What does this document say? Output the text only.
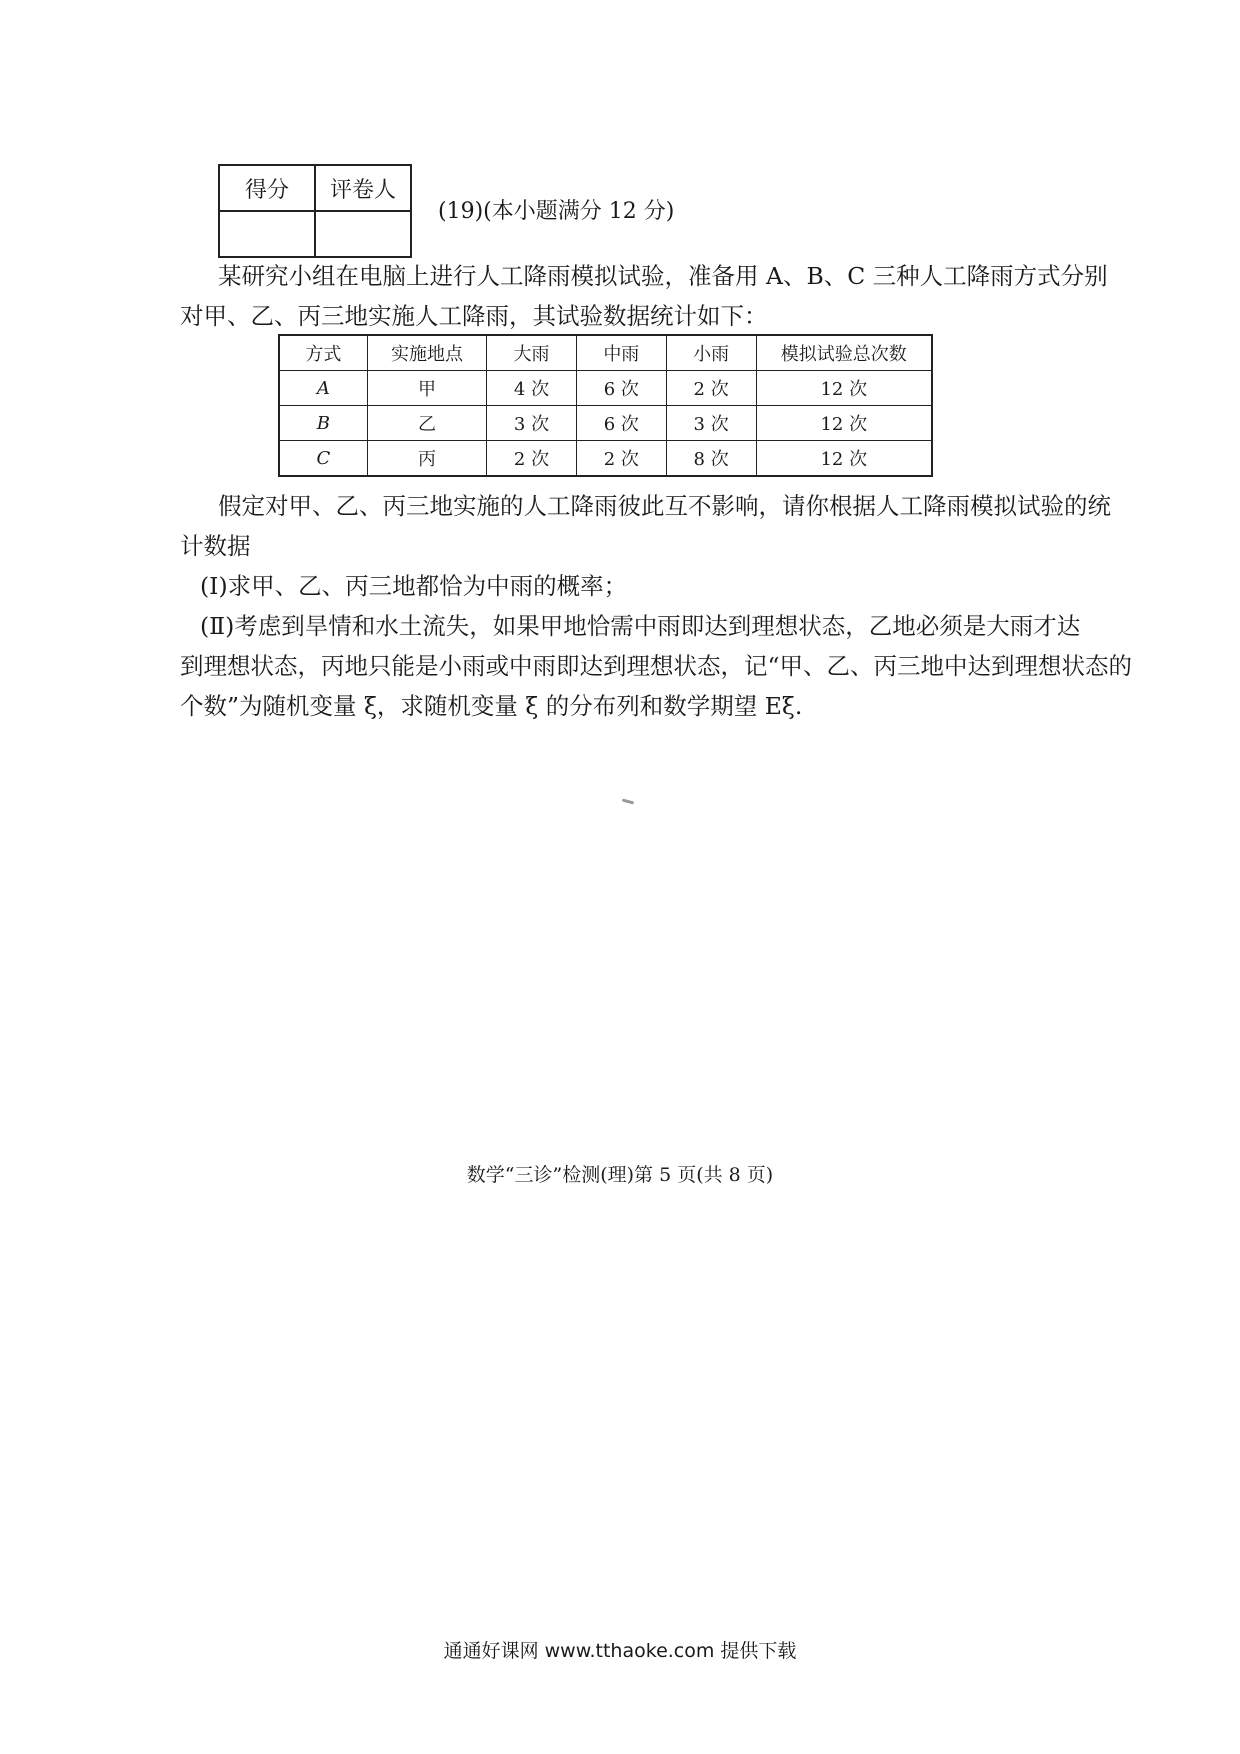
得分	评卷人

(19)(本小题满分 12 分)
某研究小组在电脑上进行人工降雨模拟试验，准备用 A、B、C 三种人工降雨方式分别
对甲、乙、丙三地实施人工降雨，其试验数据统计如下：
方式	实施地点	大雨	中雨	小雨	模拟试验总次数
A	甲	4 次	6 次	2 次	12 次
B	乙	3 次	6 次	3 次	12 次
C	丙	2 次	2 次	8 次	12 次
假定对甲、乙、丙三地实施的人工降雨彼此互不影响，请你根据人工降雨模拟试验的统
计数据
(Ⅰ)求甲、乙、丙三地都恰为中雨的概率；
(Ⅱ)考虑到旱情和水土流失，如果甲地恰需中雨即达到理想状态，乙地必须是大雨才达
到理想状态，丙地只能是小雨或中雨即达到理想状态，记“甲、乙、丙三地中达到理想状态的
个数”为随机变量 ξ，求随机变量 ξ 的分布列和数学期望 Eξ.
数学“三诊”检测(理)第 5 页(共 8 页)
通通好课网 www.tthaoke.com 提供下载
